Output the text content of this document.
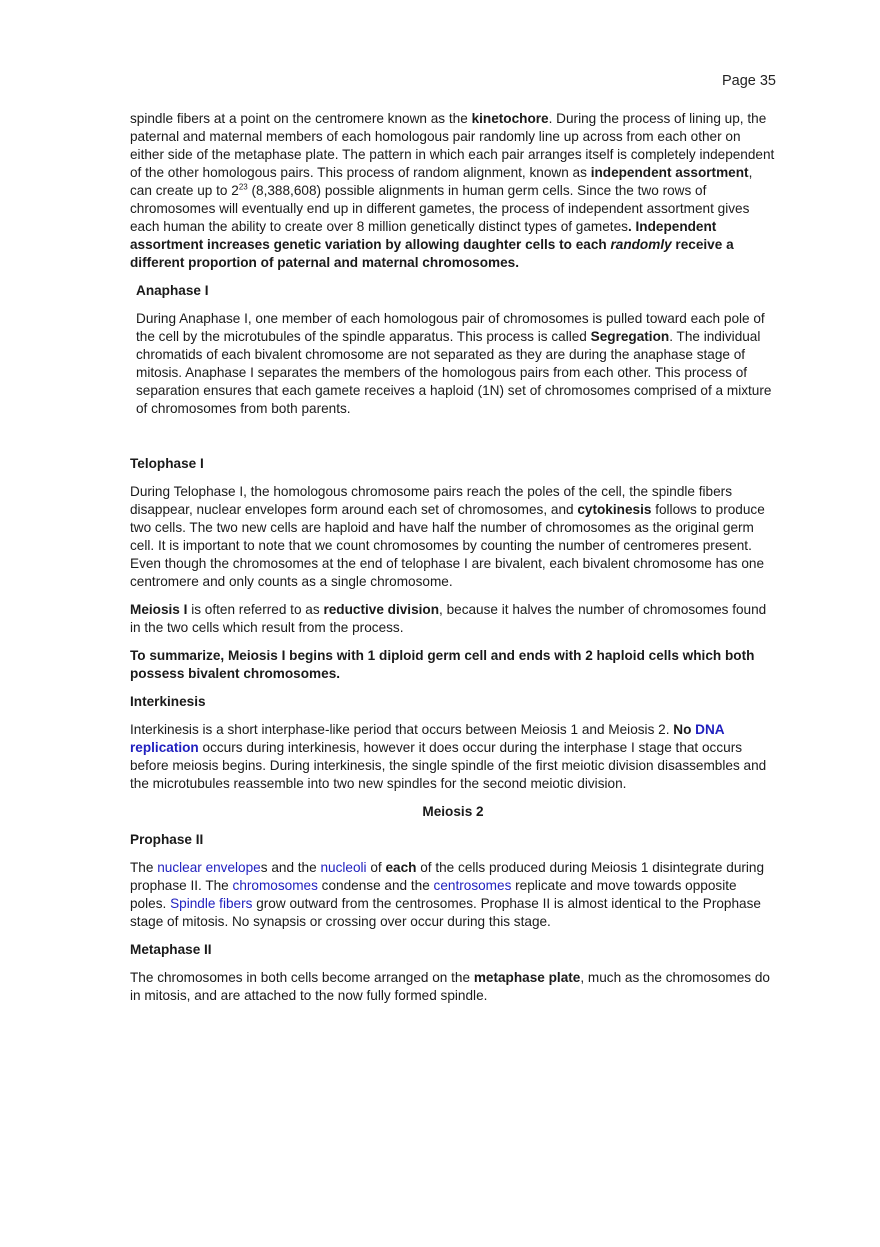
Page 35

spindle fibers at a point on the centromere known as the kinetochore. During the process of lining up, the paternal and maternal members of each homologous pair randomly line up across from each other on either side of the metaphase plate. The pattern in which each pair arranges itself is completely independent of the other homologous pairs. This process of random alignment, known as independent assortment, can create up to $2^{23}$ (8,388,608) possible alignments in human germ cells. Since the two rows of chromosomes will eventually end up in different gametes, the process of independent assortment gives each human the ability to create over 8 million genetically distinct types of gametes. Independent assortment increases genetic variation by allowing daughter cells to each randomly receive a different proportion of paternal and maternal chromosomes.

Anaphase I

During Anaphase I, one member of each homologous pair of chromosomes is pulled toward each pole of the cell by the microtubules of the spindle apparatus. This process is called Segregation. The individual chromatids of each bivalent chromosome are not separated as they are during the anaphase stage of mitosis. Anaphase I separates the members of the homologous pairs from each other. This process of separation ensures that each gamete receives a haploid (1N) set of chromosomes comprised of a mixture of chromosomes from both parents.

Telophase I

During Telophase I, the homologous chromosome pairs reach the poles of the cell, the spindle fibers disappear, nuclear envelopes form around each set of chromosomes, and cytokinesis follows to produce two cells. The two new cells are haploid and have half the number of chromosomes as the original germ cell. It is important to note that we count chromosomes by counting the number of centromeres present. Even though the chromosomes at the end of telophase I are bivalent, each bivalent chromosome has one centromere and only counts as a single chromosome.

Meiosis I is often referred to as reductive division, because it halves the number of chromosomes found in the two cells which result from the process.

To summarize, Meiosis I begins with 1 diploid germ cell and ends with 2 haploid cells which both possess bivalent chromosomes.

Interkinesis

Interkinesis is a short interphase-like period that occurs between Meiosis 1 and Meiosis 2. No DNA replication occurs during interkinesis, however it does occur during the interphase I stage that occurs before meiosis begins. During interkinesis, the single spindle of the first meiotic division disassembles and the microtubules reassemble into two new spindles for the second meiotic division.

Meiosis 2

Prophase II

The nuclear envelopes and the nucleoli of each of the cells produced during Meiosis 1 disintegrate during prophase II. The chromosomes condense and the centrosomes replicate and move towards opposite poles. Spindle fibers grow outward from the centrosomes. Prophase II is almost identical to the Prophase stage of mitosis. No synapsis or crossing over occur during this stage.

Metaphase II

The chromosomes in both cells become arranged on the metaphase plate, much as the chromosomes do in mitosis, and are attached to the now fully formed spindle.
